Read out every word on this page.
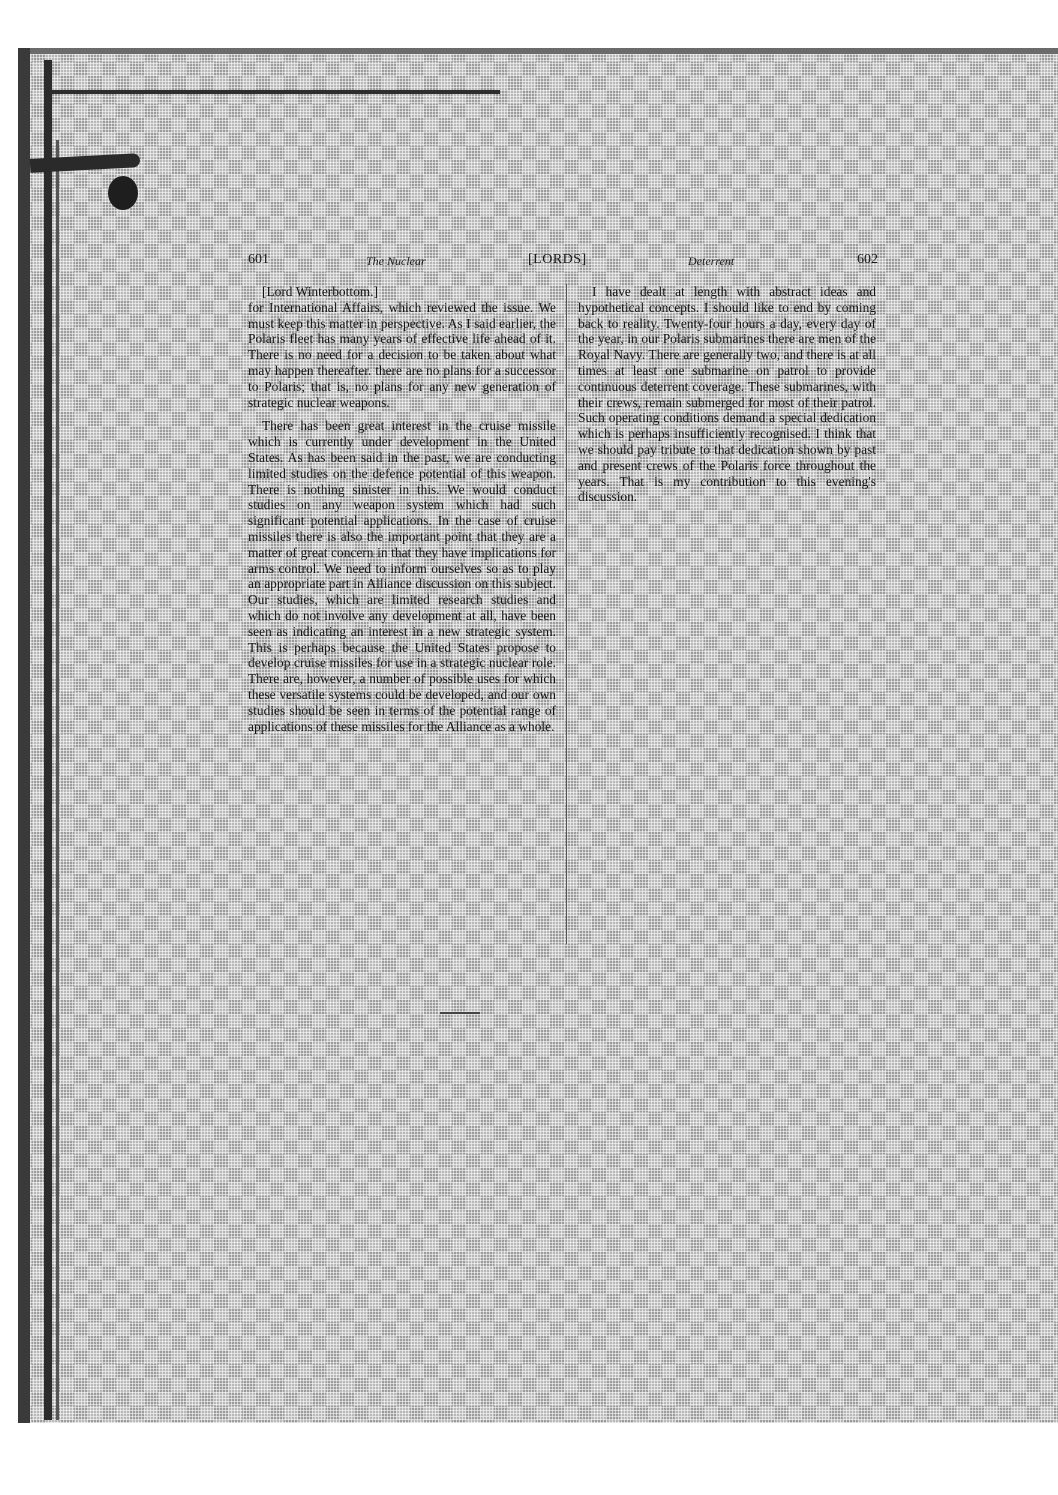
601	The Nuclear	[LORDS]	Deterrent	602
[Lord Winterbottom.]

for International Affairs, which reviewed the issue. We must keep this matter in perspective. As I said earlier, the Polaris fleet has many years of effective life ahead of it. There is no need for a decision to be taken about what may happen thereafter. there are no plans for a successor to Polaris; that is, no plans for any new generation of strategic nuclear weapons.

There has been great interest in the cruise missile which is currently under development in the United States. As has been said in the past, we are conducting limited studies on the defence potential of this weapon. There is nothing sinister in this. We would conduct studies on any weapon system which had such significant potential applications. In the case of cruise missiles there is also the important point that they are a matter of great concern in that they have implications for arms control. We need to inform ourselves so as to play an appropriate part in Alliance discussion on this subject. Our studies, which are limited research studies and which do not involve any development at all, have been seen as indicating an interest in a new strategic system. This is perhaps because the United States propose to develop cruise missiles for use in a strategic nuclear role. There are, however, a number of possible uses for which these versatile systems could be developed, and our own studies should be seen in terms of the potential range of applications of these missiles for the Alliance as a whole.

I have dealt at length with abstract ideas and hypothetical concepts. I should like to end by coming back to reality. Twenty-four hours a day, every day of the year, in our Polaris submarines there are men of the Royal Navy. There are generally two, and there is at all times at least one submarine on patrol to provide continuous deterrent coverage. These submarines, with their crews, remain submerged for most of their patrol. Such operating conditions demand a special dedication which is perhaps insufficiently recognised. I think that we should pay tribute to that dedication shown by past and present crews of the Polaris force throughout the years. That is my contribution to this evening's discussion.
